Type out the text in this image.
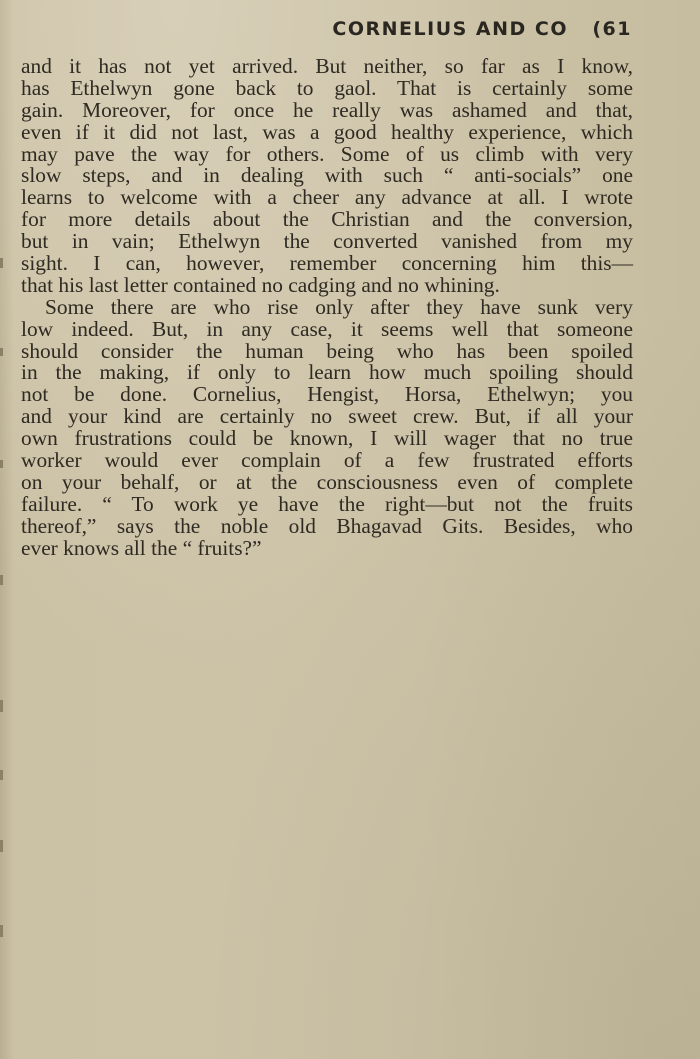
CORNELIUS AND CO (61
and it has not yet arrived. But neither, so far as I know,
has Ethelwyn gone back to gaol. That is certainly some
gain. Moreover, for once he really was ashamed and that,
even if it did not last, was a good healthy experience, which
may pave the way for others. Some of us climb with very
slow steps, and in dealing with such “ anti-socials” one
learns to welcome with a cheer any advance at all. I wrote
for more details about the Christian and the conversion,
but in vain; Ethelwyn the converted vanished from my
sight. I can, however, remember concerning him this—
that his last letter contained no cadging and no whining.
Some there are who rise only after they have sunk very
low indeed. But, in any case, it seems well that someone
should consider the human being who has been spoiled
in the making, if only to learn how much spoiling should
not be done. Cornelius, Hengist, Horsa, Ethelwyn; you
and your kind are certainly no sweet crew. But, if all your
own frustrations could be known, I will wager that no true
worker would ever complain of a few frustrated efforts
on your behalf, or at the consciousness even of complete
failure. “ To work ye have the right—but not the fruits
thereof,” says the noble old Bhagavad Gits. Besides, who
ever knows all the “ fruits?”
